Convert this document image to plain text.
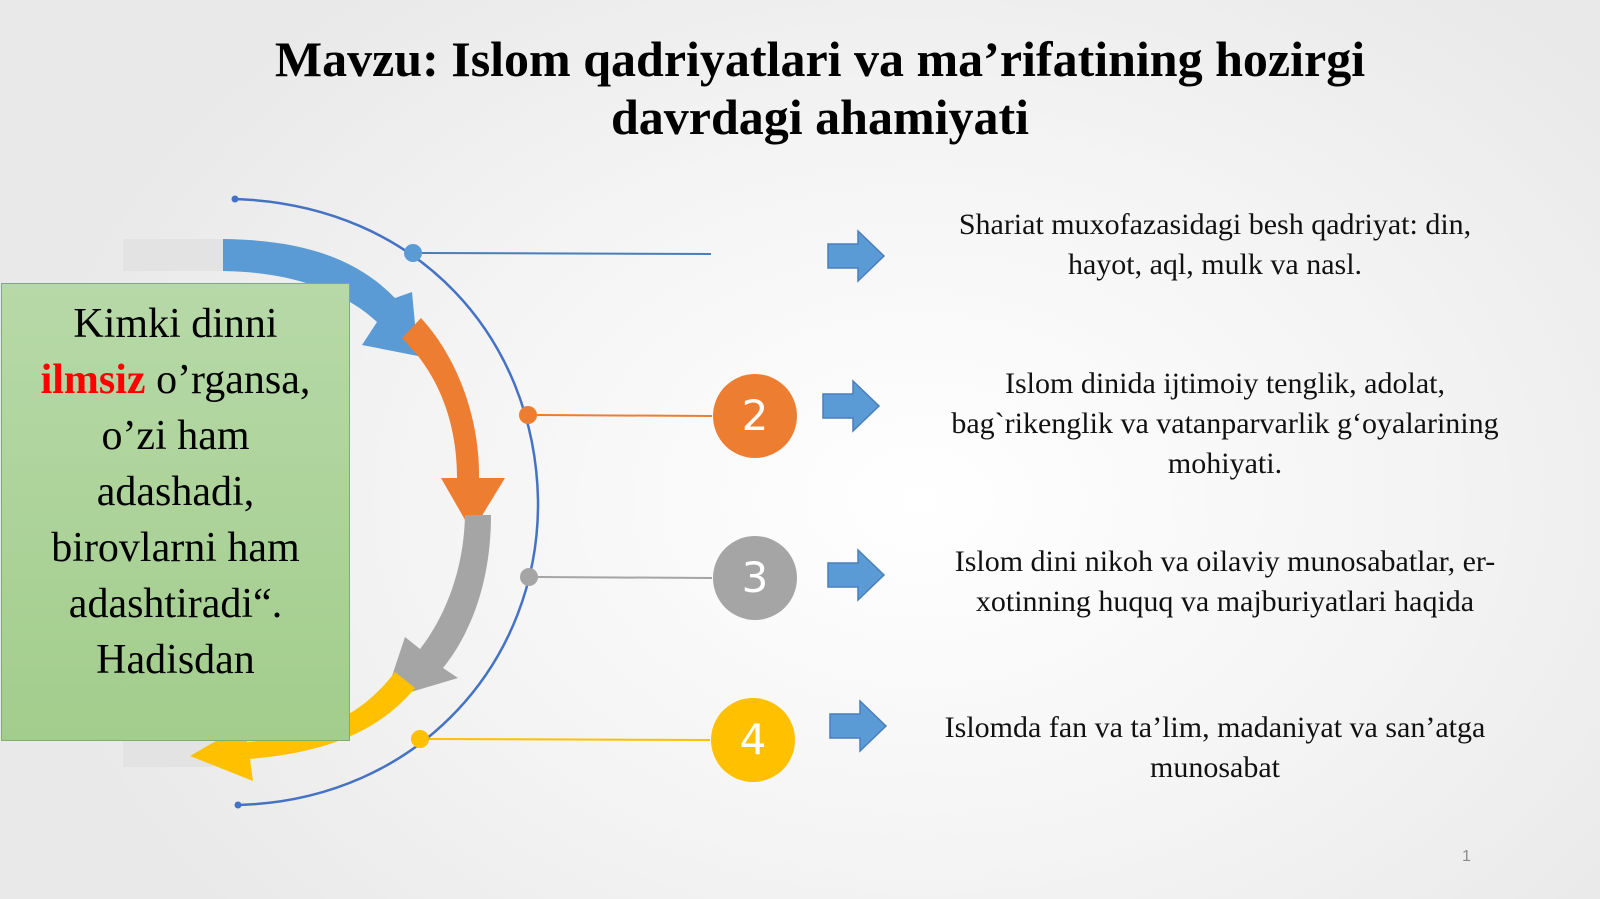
Mavzu: Islom qadriyatlari va ma’rifatining hozirgi
davrdagi ahamiyati
Kimki dinni
ilmsiz o’rgansa,
o’zi ham
adashadi,
birovlarni ham
adashtiradi“.
Hadisdan
2
3
4
Shariat muxofazasidagi besh qadriyat: din,
hayot, aql, mulk va nasl.
Islom dinida ijtimoiy tenglik, adolat,
bag`rikenglik va vatanparvarlik g‘oyalarining
mohiyati.
Islom dini nikoh va oilaviy munosabatlar, er-
xotinning huquq va majburiyatlari haqida
Islomda fan va ta’lim, madaniyat va san’atga
munosabat
1
